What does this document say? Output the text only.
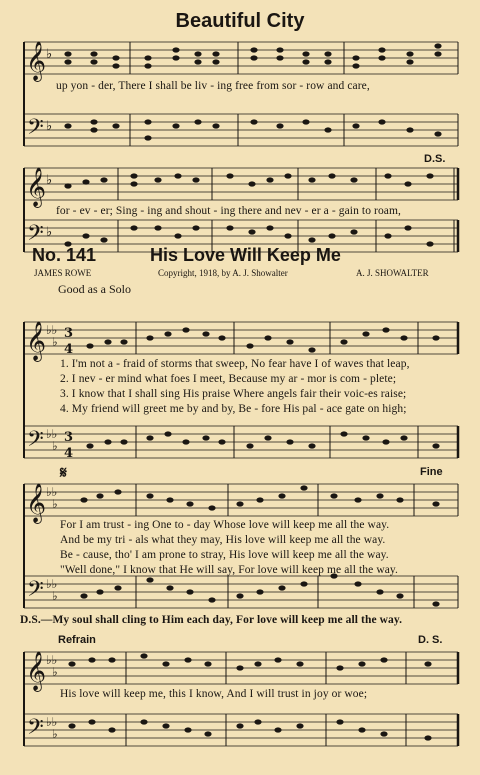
Beautiful City
𝄞
𝄢
𝄞
𝄢
𝄞
𝄢
𝄞
𝄢
𝄞
𝄢
♭
♭
♭
♭
♭♭
♭
♭♭
♭
♭♭
♭
♭♭
♭
♭♭
♭
♭♭
♭
3
4
3
4
𝄋
up yon - der, There I shall be liv - ing free from sor - row and care,
D.S.
for - ev - er; Sing - ing and shout - ing there and nev - er a - gain to roam,
No. 141	His Love Will Keep Me
JAMES ROWE	Copyright, 1918, by A. J. Showalter	A. J. SHOWALTER
Good as a Solo
1. I'm not a - fraid of storms that sweep, No fear have I of waves that leap,
2. I nev - er mind what foes I meet, Because my ar - mor is com - plete;
3. I know that I shall sing His praise Where angels fair their voic-es raise;
4. My friend will greet me by and by, Be - fore His pal - ace gate on high;
Fine
For I am trust - ing One to - day Whose love will keep me all the way.
And be my tri - als what they may, His love will keep me all the way.
Be - cause, tho' I am prone to stray, His love will keep me all the way.
"Well done," I know that He will say, For love will keep me all the way.
D.S.—My soul shall cling to Him each day, For love will keep me all the way.
Refrain	D. S.
His love will keep me, this I know, And I will trust in joy or woe;
